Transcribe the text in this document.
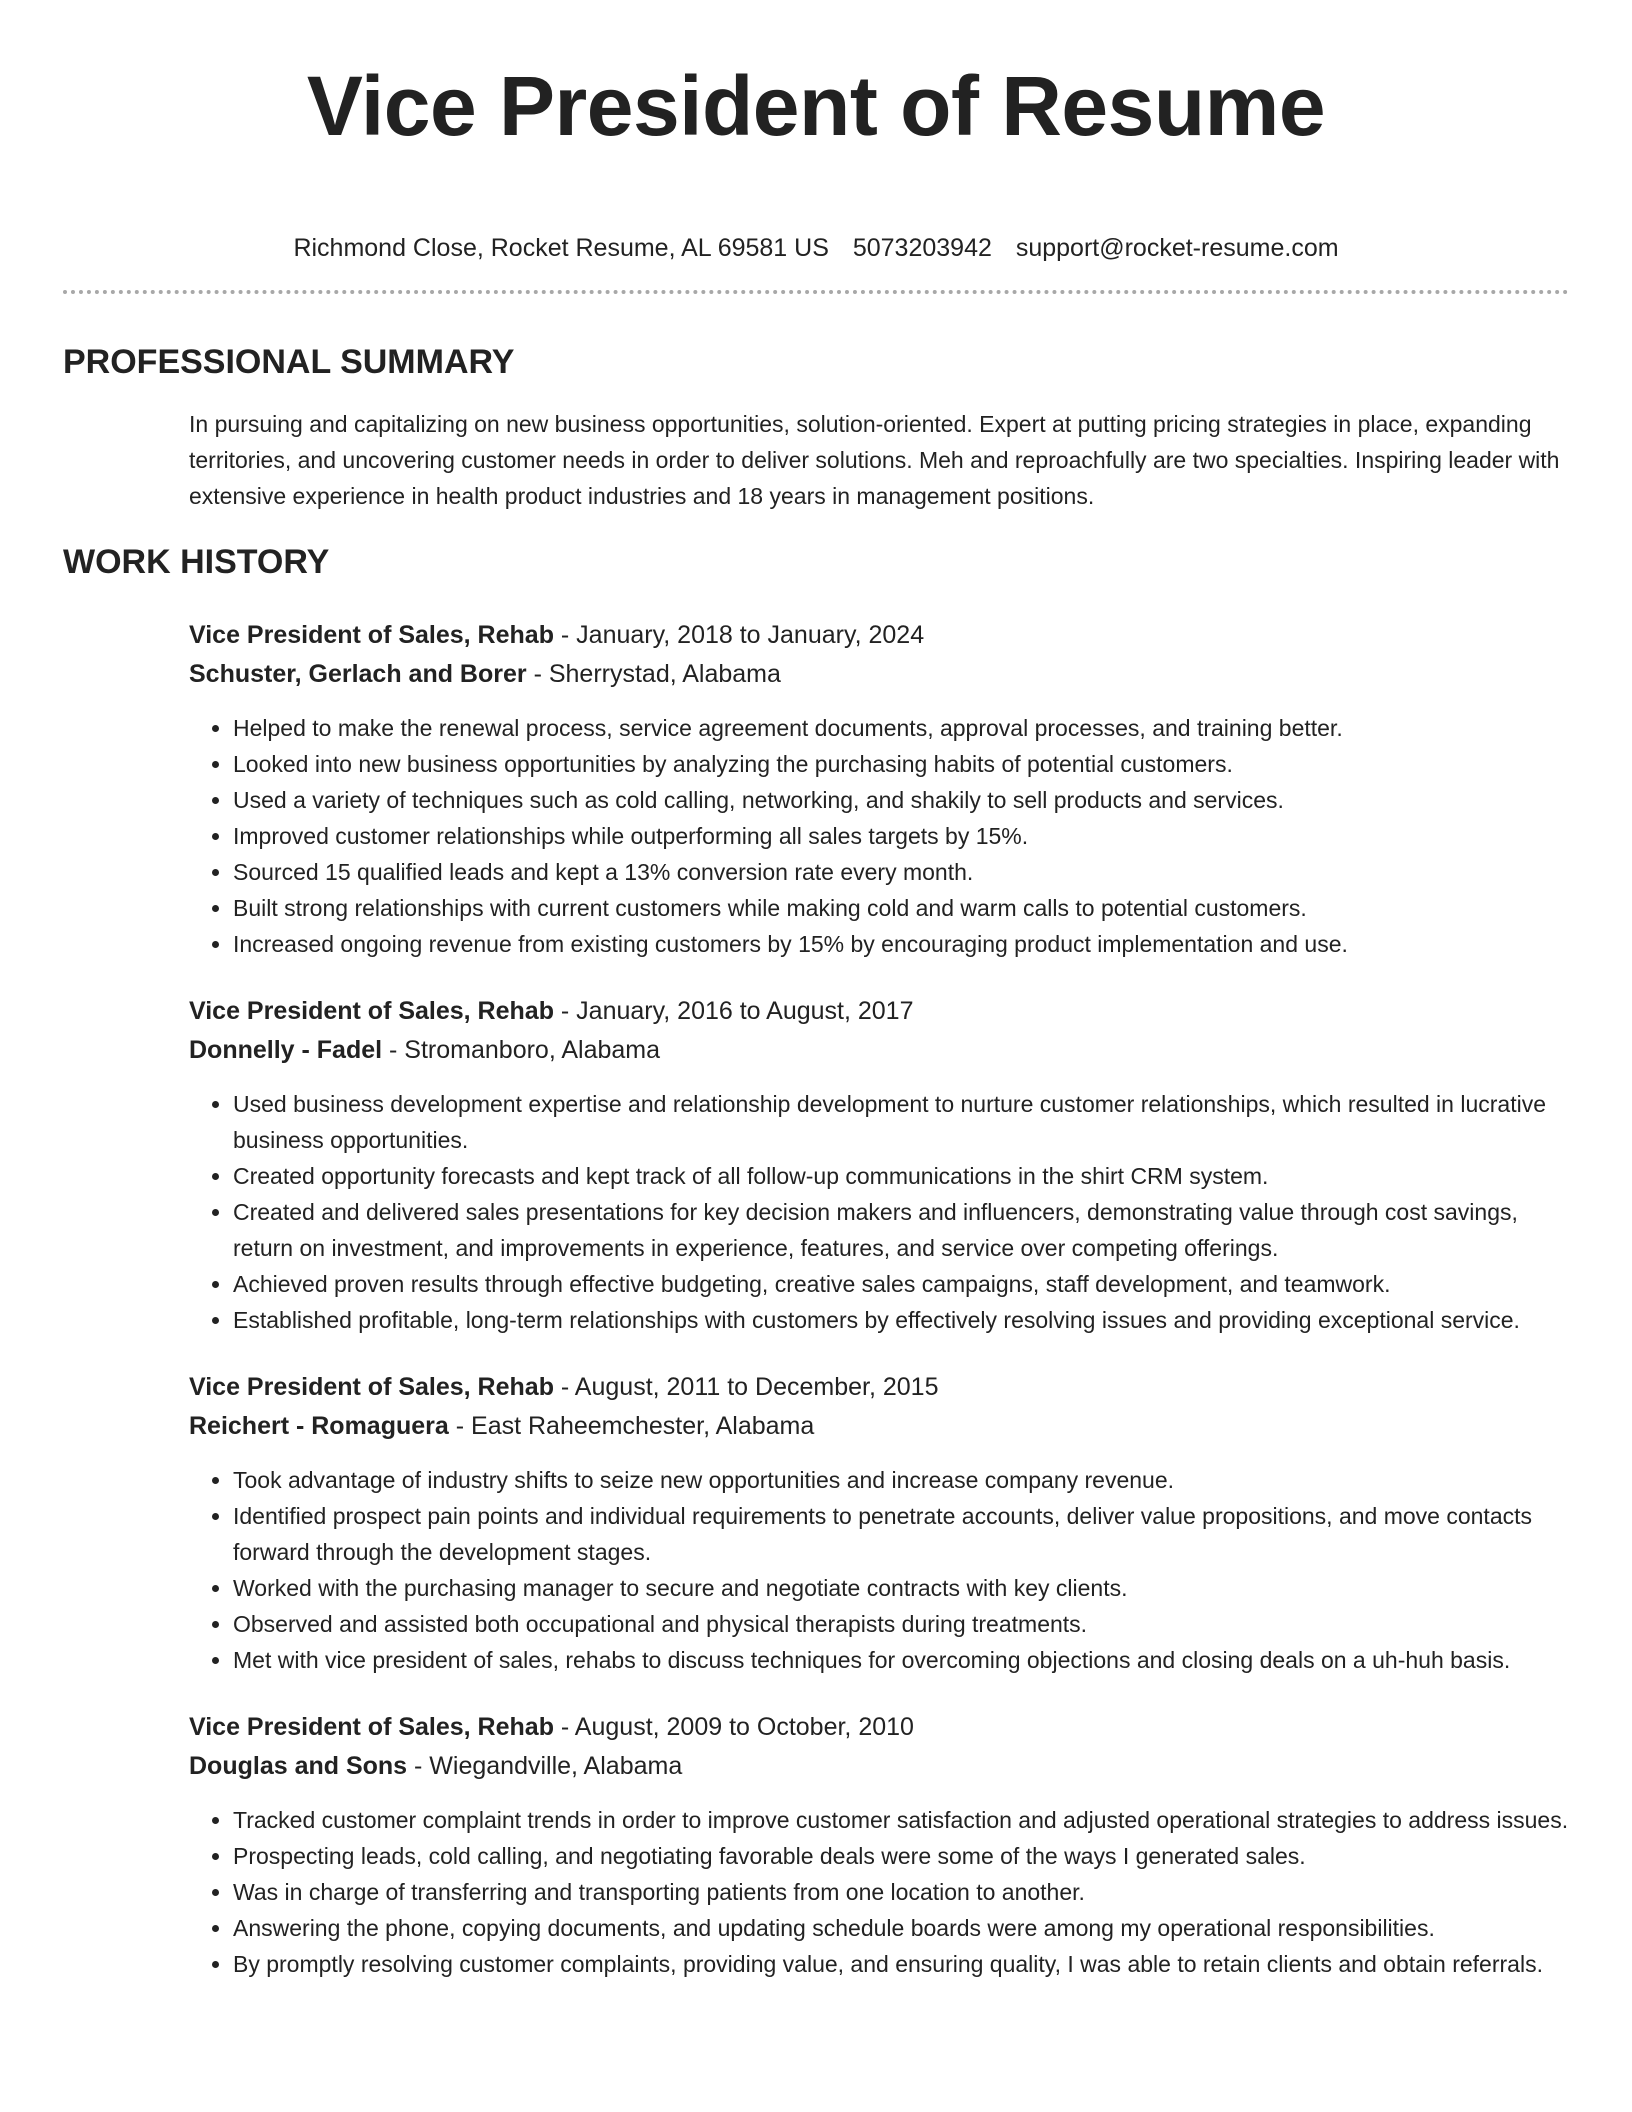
Vice President of Resume
Richmond Close, Rocket Resume, AL 69581 US 5073203942 support@rocket-resume.com
PROFESSIONAL SUMMARY
In pursuing and capitalizing on new business opportunities, solution-oriented. Expert at putting pricing strategies in place, expanding territories, and uncovering customer needs in order to deliver solutions. Meh and reproachfully are two specialties. Inspiring leader with extensive experience in health product industries and 18 years in management positions.
WORK HISTORY
Vice President of Sales, Rehab - January, 2018 to January, 2024
Schuster, Gerlach and Borer - Sherrystad, Alabama
• Helped to make the renewal process, service agreement documents, approval processes, and training better.
• Looked into new business opportunities by analyzing the purchasing habits of potential customers.
• Used a variety of techniques such as cold calling, networking, and shakily to sell products and services.
• Improved customer relationships while outperforming all sales targets by 15%.
• Sourced 15 qualified leads and kept a 13% conversion rate every month.
• Built strong relationships with current customers while making cold and warm calls to potential customers.
• Increased ongoing revenue from existing customers by 15% by encouraging product implementation and use.
Vice President of Sales, Rehab - January, 2016 to August, 2017
Donnelly - Fadel - Stromanboro, Alabama
• Used business development expertise and relationship development to nurture customer relationships, which resulted in lucrative business opportunities.
• Created opportunity forecasts and kept track of all follow-up communications in the shirt CRM system.
• Created and delivered sales presentations for key decision makers and influencers, demonstrating value through cost savings, return on investment, and improvements in experience, features, and service over competing offerings.
• Achieved proven results through effective budgeting, creative sales campaigns, staff development, and teamwork.
• Established profitable, long-term relationships with customers by effectively resolving issues and providing exceptional service.
Vice President of Sales, Rehab - August, 2011 to December, 2015
Reichert - Romaguera - East Raheemchester, Alabama
• Took advantage of industry shifts to seize new opportunities and increase company revenue.
• Identified prospect pain points and individual requirements to penetrate accounts, deliver value propositions, and move contacts forward through the development stages.
• Worked with the purchasing manager to secure and negotiate contracts with key clients.
• Observed and assisted both occupational and physical therapists during treatments.
• Met with vice president of sales, rehabs to discuss techniques for overcoming objections and closing deals on a uh-huh basis.
Vice President of Sales, Rehab - August, 2009 to October, 2010
Douglas and Sons - Wiegandville, Alabama
• Tracked customer complaint trends in order to improve customer satisfaction and adjusted operational strategies to address issues.
• Prospecting leads, cold calling, and negotiating favorable deals were some of the ways I generated sales.
• Was in charge of transferring and transporting patients from one location to another.
• Answering the phone, copying documents, and updating schedule boards were among my operational responsibilities.
• By promptly resolving customer complaints, providing value, and ensuring quality, I was able to retain clients and obtain referrals.
